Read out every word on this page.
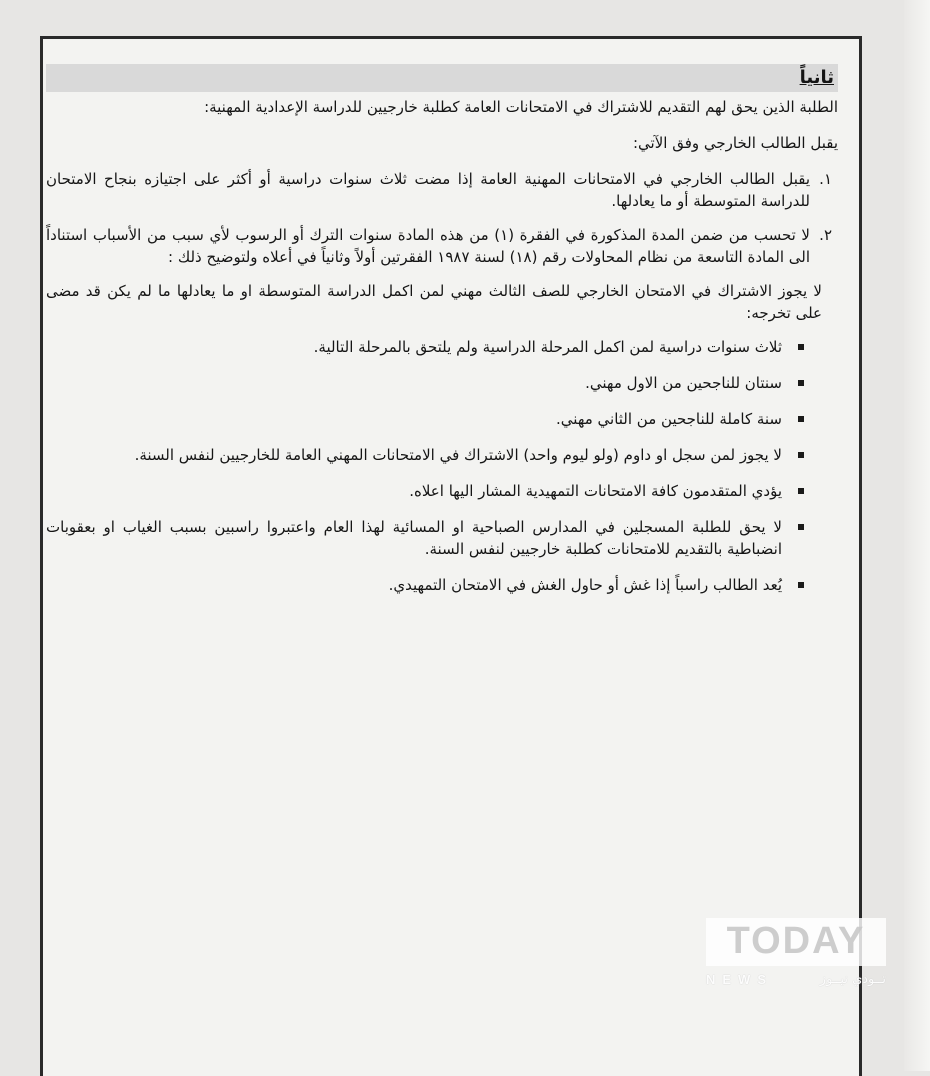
ثانياً

الطلبة الذين يحق لهم التقديم للاشتراك في الامتحانات العامة كطلبة خارجيين للدراسة الإعدادية المهنية:

يقبل الطالب الخارجي وفق الآتي:

١.
يقبل الطالب الخارجي في الامتحانات المهنية العامة إذا مضت ثلاث سنوات دراسية أو أكثر على اجتيازه بنجاح الامتحان للدراسة المتوسطة أو ما يعادلها.
٢.
لا تحسب من ضمن المدة المذكورة في الفقرة (١) من هذه المادة سنوات الترك أو الرسوب لأي سبب من الأسباب استناداً الى المادة التاسعة من نظام المحاولات رقم (١٨) لسنة ١٩٨٧ الفقرتين أولاً وثانياً في أعلاه ولتوضيح ذلك :

لا يجوز الاشتراك في الامتحان الخارجي للصف الثالث مهني لمن اكمل الدراسة المتوسطة او ما يعادلها ما لم يكن قد مضى على تخرجه:

ثلاث سنوات دراسية لمن اكمل المرحلة الدراسية ولم يلتحق بالمرحلة التالية.
سنتان للناجحين من الاول مهني.
سنة كاملة للناجحين من الثاني مهني.
لا يجوز لمن سجل او داوم (ولو ليوم واحد) الاشتراك في الامتحانات المهني العامة للخارجيين لنفس السنة.
يؤدي المتقدمون كافة الامتحانات التمهيدية المشار اليها اعلاه.
لا يحق للطلبة المسجلين في المدارس الصباحية او المسائية لهذا العام واعتبروا راسبين بسبب الغياب او بعقوبات انضباطية بالتقديم للامتحانات كطلبة خارجيين لنفس السنة.
يُعد الطالب راسباً إذا غش أو حاول الغش في الامتحان التمهيدي.
TODAY
NEWS	تــودي نيــوز
